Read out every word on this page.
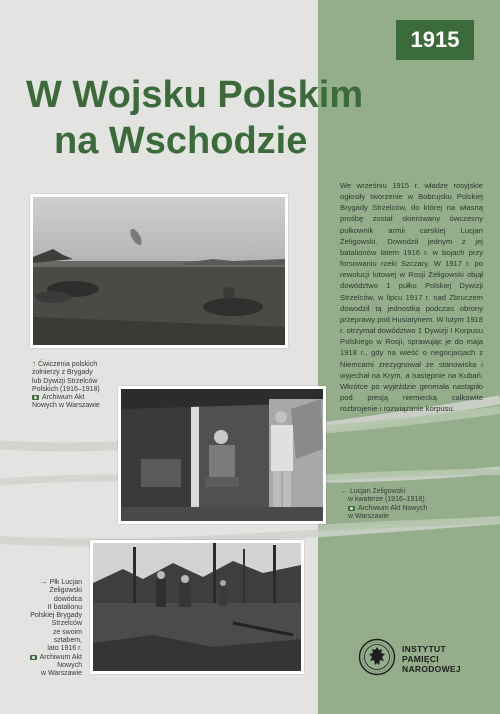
1915
W Wojsku Polskim
na Wschodzie

We wrześniu 1915 r. władze rosyjskie ogłosiły tworzenie w Bobrujsku Polskiej Brygady Strzelców, do której na własną prośbę został skierowany ówczesny pułkownik armii carskiej Lucjan Żeligowski. Dowodził jednym z jej batalionów latem 1916 r. w bojach przy forsowaniu rzeki Szczary. W 1917 r. po rewolucji lutowej w Rosji Żeligowski objął dowództwo 1 pułku Polskiej Dywizji Strzelców, w lipcu 1917 r. nad Zbruczem dowodził tą jednostką podczas obrony przeprawy pod Husiatynem. W lutym 1918 r. otrzymał dowództwo 1 Dywizji I Korpusu Polskiego w Rosji, sprawując je do maja 1918 r., gdy na wieść o negocjacjach z Niemcami zrezygnował ze stanowiska i wyjechał na Krym, a następnie na Kubań. Wkrótce po wyjeździe generała nastąpiło pod presją niemiecką całkowite rozbrojenie i rozwiązanie korpusu.

↑ Ćwiczenia polskich
żołnierzy z Brygady
lub Dywizji Strzelców
Polskich (1916–1918)
Archiwum Akt
Nowych w Warszawie
← Lucjan Żeligowski
w kwaterze (1916–1918)
Archiwum Akt Nowych
w Warszawie
→ Płk Lucjan
Żeligowski
dowódca
II batalionu
Polskiej Brygady
Strzelców
ze swoim
sztabem,
lato 1916 r.
Archiwum Akt
Nowych
w Warszawie
INSTYTUT
PAMIĘCI
NARODOWEJ
